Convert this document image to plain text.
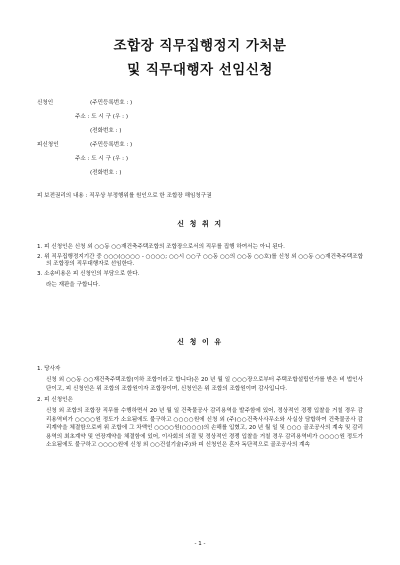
조합장 직무집행정지 가처분
및 직무대행자 선임신청
신청인	(주민등록번호 : )
주소 : 도 시 구 (우 : )
(전화번호 : )
피신청인	(주민등록번호 : )
주소 : 도 시 구 (우 : )
(전화번호 : )
피 보전권리의 내용 : 직무상 부정행위를 원인으로 한 조합장 해임청구권
신 청 취 지

1. 피 신청인은 신청 외 ○○동 ○○재건축주택조합의 조합장으로서의 직무를 집행 하여서는 아니 된다.

2. 위 직무집행정지기간 중 ○○○(○○○○ - ○○○○; ○○시 ○○구 ○○동 ○○의 ○○동 ○○호)를 신청 외 ○○동 ○○재건축주택조합의 조합장의 직무대행자로 선임한다.

3. 소송비용은 피 신청인의 부담으로 한다.

라는 재판을 구합니다.

신 청 이 유

1. 당사자

신청 외 ○○동 ○○재건축주택조합(이하 조합이라고 합니다)은 20 년 월 일 ○○○장으로부터 주택조합설립인가를 받은 비 법인사단이고, 피 신청인은 위 조합의 조합원이자 조합장이며, 신청인은 위 조합의 조합원이며 감사입니다.

2. 피 신청인은

신청 외 조합의 조합장 직무를 수행하면서 20 년 월 일 건축물공사 감리용역을 발주함에 있어, 정상적인 경쟁 입찰을 거칠 경우 감리용역비가 ○○○○원 정도가 소요됨에도 불구하고 ○○○○원에 신청 외 (주)○○건축사사무소와 사실상 담합하여 건축물공사 감리계약을 체결함으로써 위 조합에 그 차액인 ○○○○원(○○○○)의 손해를 입혔고, 20 년 월 일 및 ○○○ 골조공사의 계속 및 감리용역의 최초계약 및 연장계약을 체결함에 있어, 이사회의 의결 및 정상적인 경쟁 입찰을 거칠 경우 감리용역비가 ○○○○원 정도가 소요됨에도 불구하고 ○○○○원에 신청 외 ○○건설기술(주)와 피 신청인은 혼자 독단적으로 골조공사의 계속

- 1 -
